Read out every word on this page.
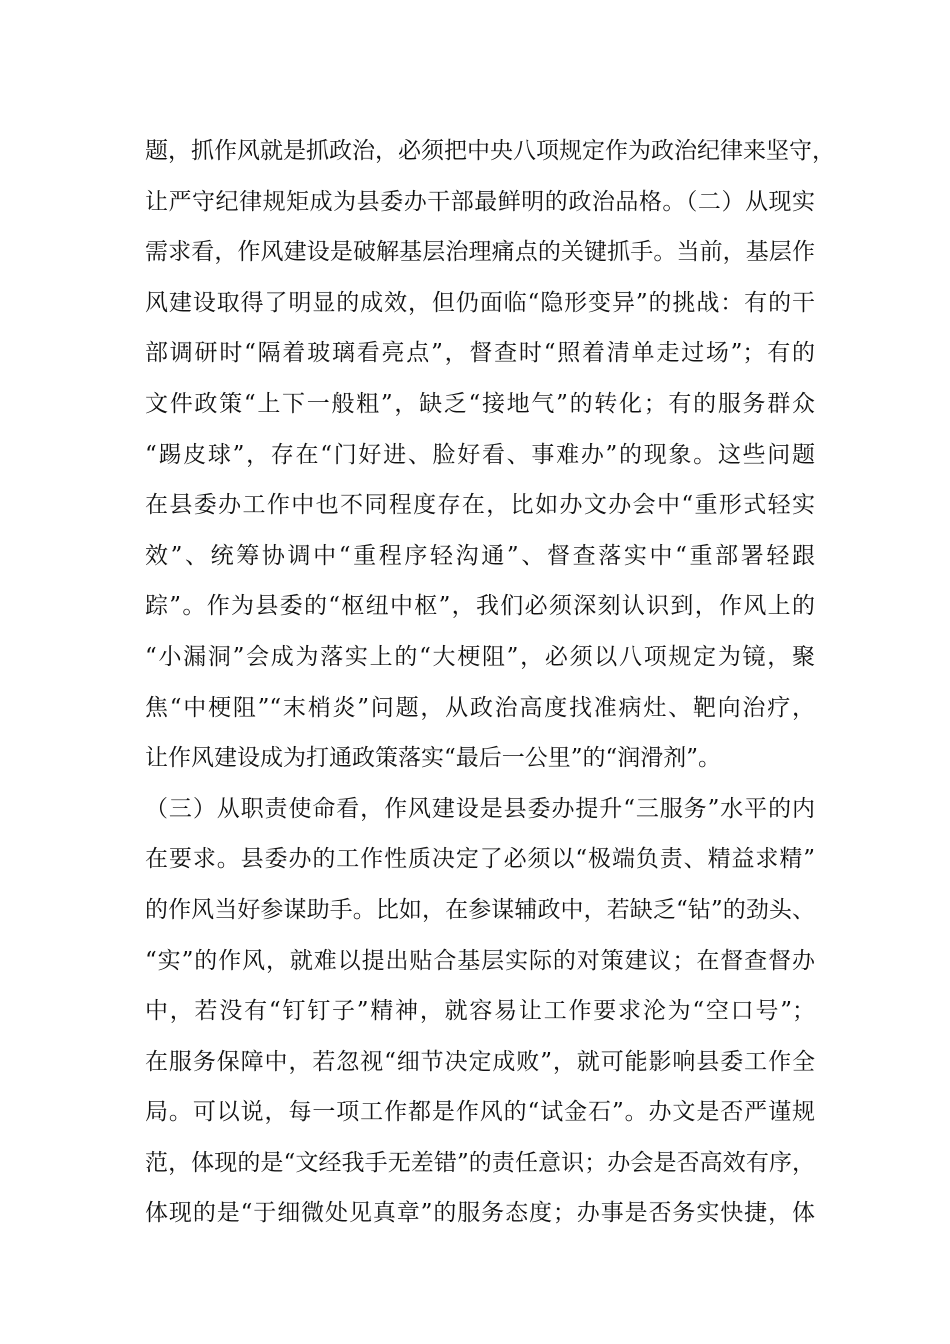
题，抓作风就是抓政治，必须把中央八项规定作为政治纪律来坚守，
让严守纪律规矩成为县委办干部最鲜明的政治品格。（二）从现实
需求看，作风建设是破解基层治理痛点的关键抓手。当前，基层作
风建设取得了明显的成效，但仍面临“隐形变异”的挑战：有的干
部调研时“隔着玻璃看亮点”，督查时“照着清单走过场”；有的
文件政策“上下一般粗”，缺乏“接地气”的转化；有的服务群众
“踢皮球”，存在“门好进、脸好看、事难办”的现象。这些问题
在县委办工作中也不同程度存在，比如办文办会中“重形式轻实
效”、统筹协调中“重程序轻沟通”、督查落实中“重部署轻跟
踪”。作为县委的“枢纽中枢”，我们必须深刻认识到，作风上的
“小漏洞”会成为落实上的“大梗阻”，必须以八项规定为镜，聚
焦“中梗阻”“末梢炎”问题，从政治高度找准病灶、靶向治疗，
让作风建设成为打通政策落实“最后一公里”的“润滑剂”。
（三）从职责使命看，作风建设是县委办提升“三服务”水平的内
在要求。县委办的工作性质决定了必须以“极端负责、精益求精”
的作风当好参谋助手。比如，在参谋辅政中，若缺乏“钻”的劲头、
“实”的作风，就难以提出贴合基层实际的对策建议；在督查督办
中，若没有“钉钉子”精神，就容易让工作要求沦为“空口号”；
在服务保障中，若忽视“细节决定成败”，就可能影响县委工作全
局。可以说，每一项工作都是作风的“试金石”。办文是否严谨规
范，体现的是“文经我手无差错”的责任意识；办会是否高效有序，
体现的是“于细微处见真章”的服务态度；办事是否务实快捷，体
